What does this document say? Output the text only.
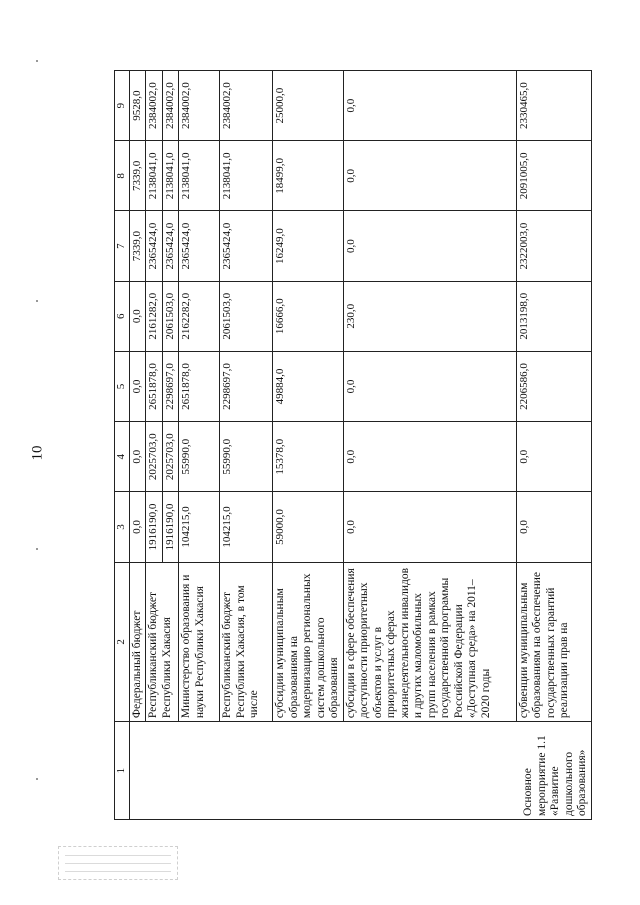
10
1	2	3	4	5	6	7	8	9
Основное мероприятие 1.1 «Развитие дошкольного образования»	Федеральный бюджет	0,0	0,0	0,0	0,0	7339,0	7339,0	9528,0
	Республиканский бюджет Республики Хакасия	1916190,0	2025703,0	2651878,0	2161282,0	2365424,0	2138041,0	2384002,0
		1916190,0	2025703,0	2298697,0	2061503,0	2365424,0	2138041,0	2384002,0
	Министерство образования и науки Республики Хакасия	104215,0	55990,0	2651878,0	2162282,0	2365424,0	2138041,0	2384002,0
	Республиканский бюджет Республики Хакасия, в том числе	104215,0	55990,0	2298697,0	2061503,0	2365424,0	2138041,0	2384002,0
	субсидии муниципальным образованиям на модернизацию региональных систем дошкольного образования	59000,0	15378,0	49884,0	16666,0	16249,0	18499,0	25000,0
	субсидии в сфере обеспечения доступности приоритетных объектов и услуг в приоритетных сферах жизнедеятельности инвалидов и других маломобильных групп населения в рамках государственной программы Российской Федерации «Доступная среда» на 2011–2020 годы	0,0	0,0	0,0	230,0	0,0	0,0	0,0
	субвенции муниципальным образованиям на обеспечение государственных гарантий реализации прав на	0,0	0,0	2206586,0	2013198,0	2322003,0	2091005,0	2330465,0
